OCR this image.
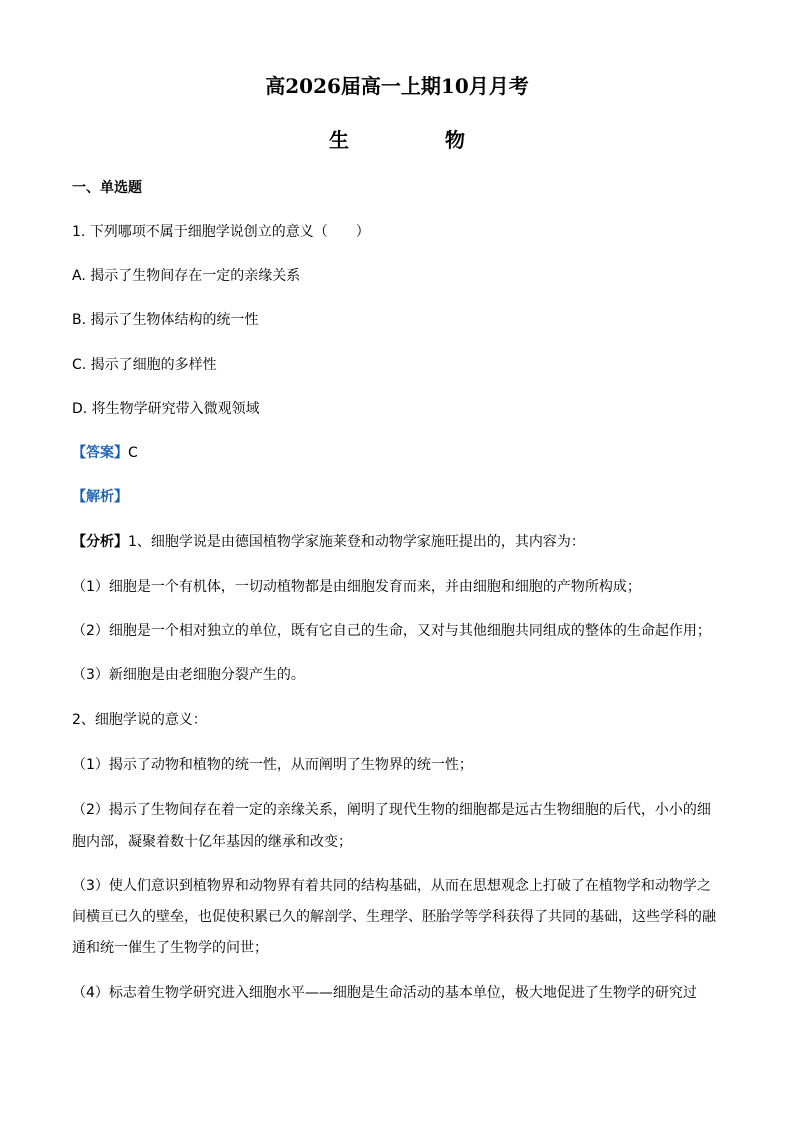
高2026届高一上期10月月考
生　物
一、单选题
1. 下列哪项不属于细胞学说创立的意义（　　）
A. 揭示了生物间存在一定的亲缘关系
B. 揭示了生物体结构的统一性
C. 揭示了细胞的多样性
D. 将生物学研究带入微观领域
【答案】C
【解析】
【分析】1、细胞学说是由德国植物学家施莱登和动物学家施旺提出的，其内容为：
（1）细胞是一个有机体，一切动植物都是由细胞发育而来，并由细胞和细胞的产物所构成；
（2）细胞是一个相对独立的单位，既有它自己的生命，又对与其他细胞共同组成的整体的生命起作用；
（3）新细胞是由老细胞分裂产生的。
2、细胞学说的意义：
（1）揭示了动物和植物的统一性，从而阐明了生物界的统一性；
（2）揭示了生物间存在着一定的亲缘关系，阐明了现代生物的细胞都是远古生物细胞的后代，小小的细
胞内部，凝聚着数十亿年基因的继承和改变；
（3）使人们意识到植物界和动物界有着共同的结构基础，从而在思想观念上打破了在植物学和动物学之
间横亘已久的壁垒，也促使积累已久的解剖学、生理学、胚胎学等学科获得了共同的基础，这些学科的融
通和统一催生了生物学的问世；
（4）标志着生物学研究进入细胞水平——细胞是生命活动的基本单位，极大地促进了生物学的研究过
